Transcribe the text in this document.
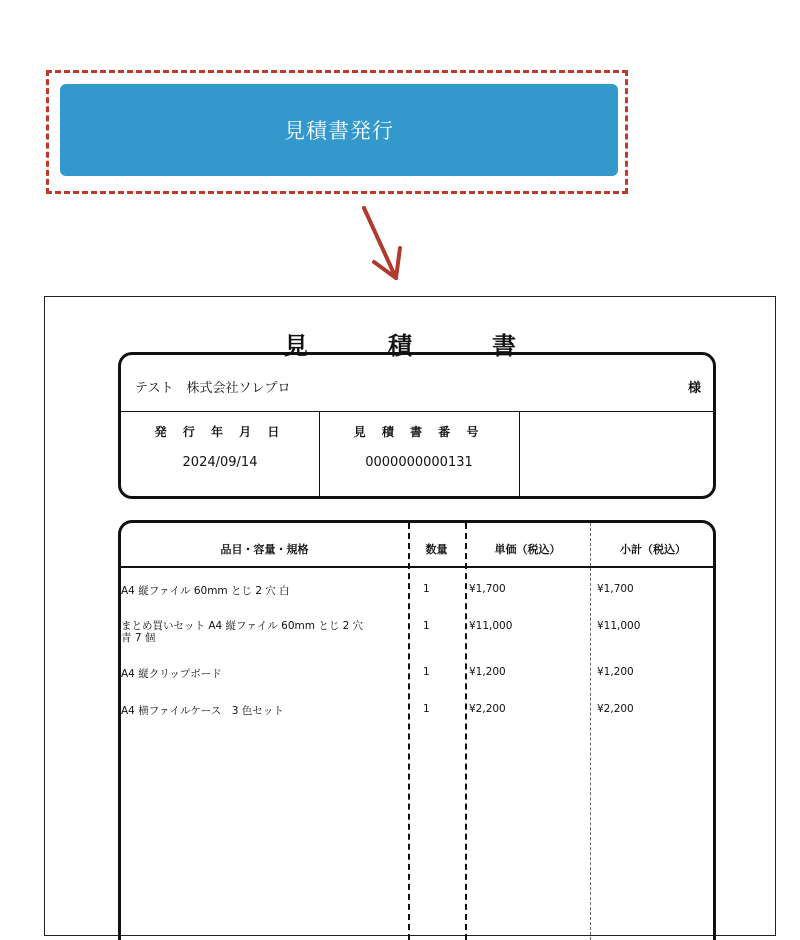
見積書発行
見　積　書
テスト　株式会社ソレプロ	様
発 行 年 月 日
2024/09/14
見 積 書 番 号
0000000000131
品目・容量・規格	数量	単価（税込）	小計（税込）
A4 縦ファイル 60mm とじ 2 穴 白	1	¥1,700	¥1,700
まとめ買いセット A4 縦ファイル 60mm とじ 2 穴
青 7 個
1	¥11,000	¥11,000
A4 縦クリップボード	1	¥1,200	¥1,200
A4 横ファイルケース　3 色セット	1	¥2,200	¥2,200
